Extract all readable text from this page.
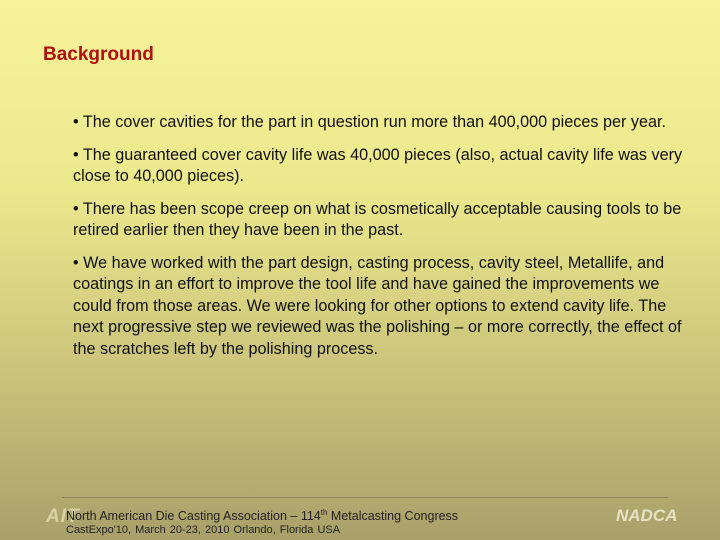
Background

• The cover cavities for the part in question run more than 400,000 pieces per year.

• The guaranteed cover cavity life was 40,000 pieces (also, actual cavity life was very close to 40,000 pieces).

• There has been scope creep on what is cosmetically acceptable causing tools to be retired earlier then they have been in the past.

• We have worked with the part design, casting process, cavity steel, Metallife, and coatings in an effort to improve the tool life and have gained the improvements we could from those areas. We were looking for other options to extend cavity life. The next progressive step we reviewed was the polishing – or more correctly, the effect of the scratches left by the polishing process.

AIT
North American Die Casting Association – 114th Metalcasting Congress
CastExpo'10, March 20-23, 2010 Orlando, Florida USA
NADCA
